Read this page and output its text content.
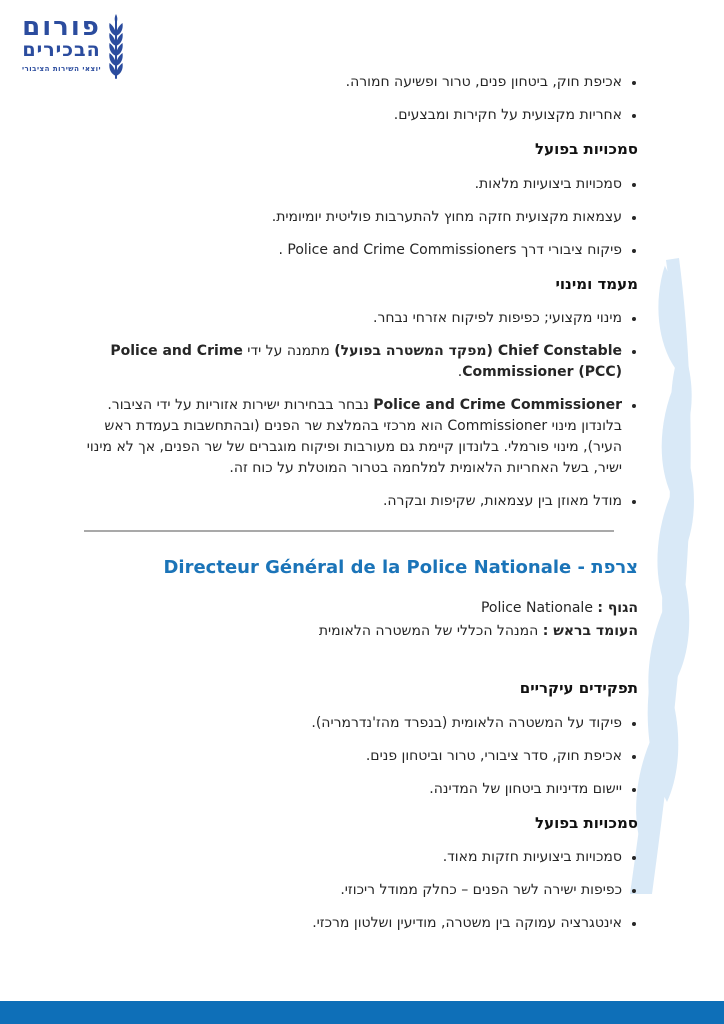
פורום
הבכירים
יוצאי השירות הציבורי
• אכיפת חוק, ביטחון פנים, טרור ופשיעה חמורה.
• אחריות מקצועית על חקירות ומבצעים.
סמכויות בפועל
• סמכויות ביצועיות מלאות.
• עצמאות מקצועית חזקה מחוץ להתערבות פוליטית יומיומית.
• פיקוח ציבורי דרך Police and Crime Commissioners .
מעמד ומינוי
• מינוי מקצועי; כפיפות לפיקוח אזרחי נבחר.
• Chief Constable (מפקד המשטרה בפועל) מתמנה על ידי Police and Crime Commissioner (PCC).
• Police and Crime Commissioner נבחר בבחירות ישירות אזוריות על ידי הציבור. בלונדון מינוי Commissioner הוא מרכזי בהמלצת שר הפנים (ובהתחשבות בעמדת ראש העיר), מינוי פורמלי. בלונדון קיימת גם מעורבות ופיקוח מוגברים של שר הפנים, אך לא מינוי ישיר, בשל האחריות הלאומית למלחמה בטרור המוטלת על כוח זה.
• מודל מאוזן בין עצמאות, שקיפות ובקרה.
צרפת - Directeur Général de la Police Nationale
הגוף : Police Nationale
העומד בראש : המנהל הכללי של המשטרה הלאומית
תפקידים עיקריים
• פיקוד על המשטרה הלאומית (בנפרד מהז'נדרמריה).
• אכיפת חוק, סדר ציבורי, טרור וביטחון פנים.
• יישום מדיניות ביטחון של המדינה.
סמכויות בפועל
• סמכויות ביצועיות חזקות מאוד.
• כפיפות ישירה לשר הפנים – כחלק ממודל ריכוזי.
• אינטגרציה עמוקה בין משטרה, מודיעין ושלטון מרכזי.
